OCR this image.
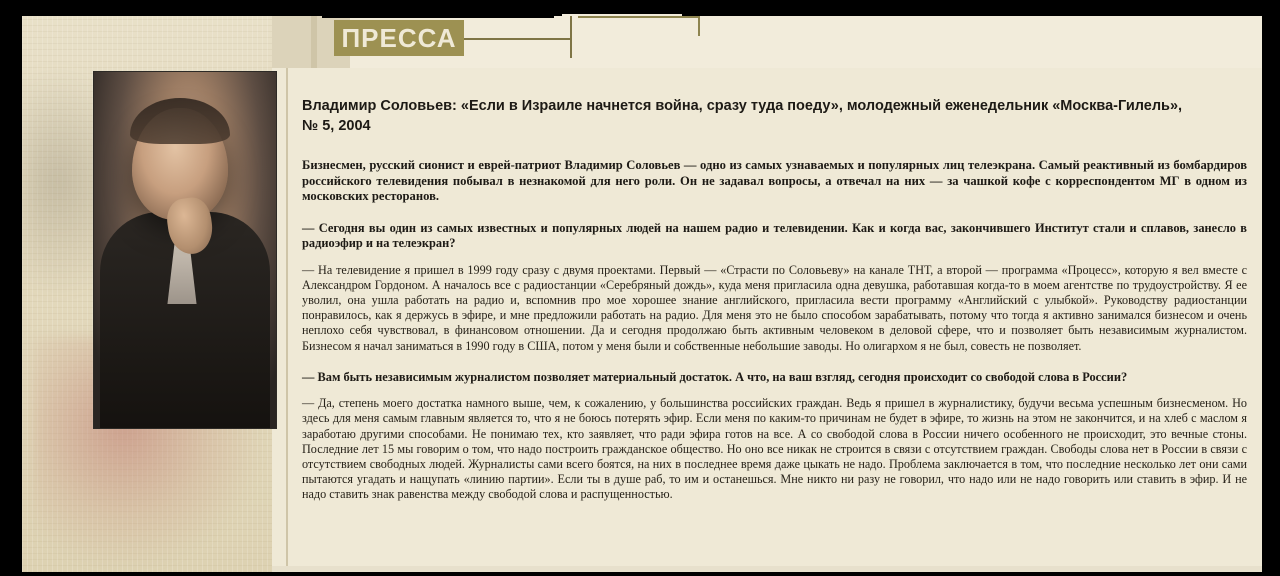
ПРЕССА
Владимир Соловьев: «Если в Израиле начнется война, сразу туда поеду», молодежный еженедельник «Москва-Гилель», № 5, 2004
Бизнесмен, русский сионист и еврей-патриот Владимир Соловьев — одно из самых узнаваемых и популярных лиц телеэкрана. Самый реактивный из бомбардиров российского телевидения побывал в незнакомой для него роли. Он не задавал вопросы, а отвечал на них — за чашкой кофе с корреспондентом МГ в одном из московских ресторанов.
— Сегодня вы один из самых известных и популярных людей на нашем радио и телевидении. Как и когда вас, закончившего Институт стали и сплавов, занесло в радиоэфир и на телеэкран?
— На телевидение я пришел в 1999 году сразу с двумя проектами. Первый — «Страсти по Соловьеву» на канале ТНТ, а второй — программа «Процесс», которую я вел вместе с Александром Гордоном. А началось все с радиостанции «Серебряный дождь», куда меня пригласила одна девушка, работавшая когда-то в моем агентстве по трудоустройству. Я ее уволил, она ушла работать на радио и, вспомнив про мое хорошее знание английского, пригласила вести программу «Английский с улыбкой». Руководству радиостанции понравилось, как я держусь в эфире, и мне предложили работать на радио. Для меня это не было способом зарабатывать, потому что тогда я активно занимался бизнесом и очень неплохо себя чувствовал, в финансовом отношении. Да и сегодня продолжаю быть активным человеком в деловой сфере, что и позволяет быть независимым журналистом. Бизнесом я начал заниматься в 1990 году в США, потом у меня были и собственные небольшие заводы. Но олигархом я не был, совесть не позволяет.
— Вам быть независимым журналистом позволяет материальный достаток. А что, на ваш взгляд, сегодня происходит со свободой слова в России?
— Да, степень моего достатка намного выше, чем, к сожалению, у большинства российских граждан. Ведь я пришел в журналистику, будучи весьма успешным бизнесменом. Но здесь для меня самым главным является то, что я не боюсь потерять эфир. Если меня по каким-то причинам не будет в эфире, то жизнь на этом не закончится, и на хлеб с маслом я заработаю другими способами. Не понимаю тех, кто заявляет, что ради эфира готов на все. А со свободой слова в России ничего особенного не происходит, это вечные стоны. Последние лет 15 мы говорим о том, что надо построить гражданское общество. Но оно все никак не строится в связи с отсутствием граждан. Свободы слова нет в России в связи с отсутствием свободных людей. Журналисты сами всего боятся, на них в последнее время даже цыкать не надо. Проблема заключается в том, что последние несколько лет они сами пытаются угадать и нащупать «линию партии». Если ты в душе раб, то им и останешься. Мне никто ни разу не говорил, что надо или не надо говорить или ставить в эфир. И не надо ставить знак равенства между свободой слова и распущенностью.
